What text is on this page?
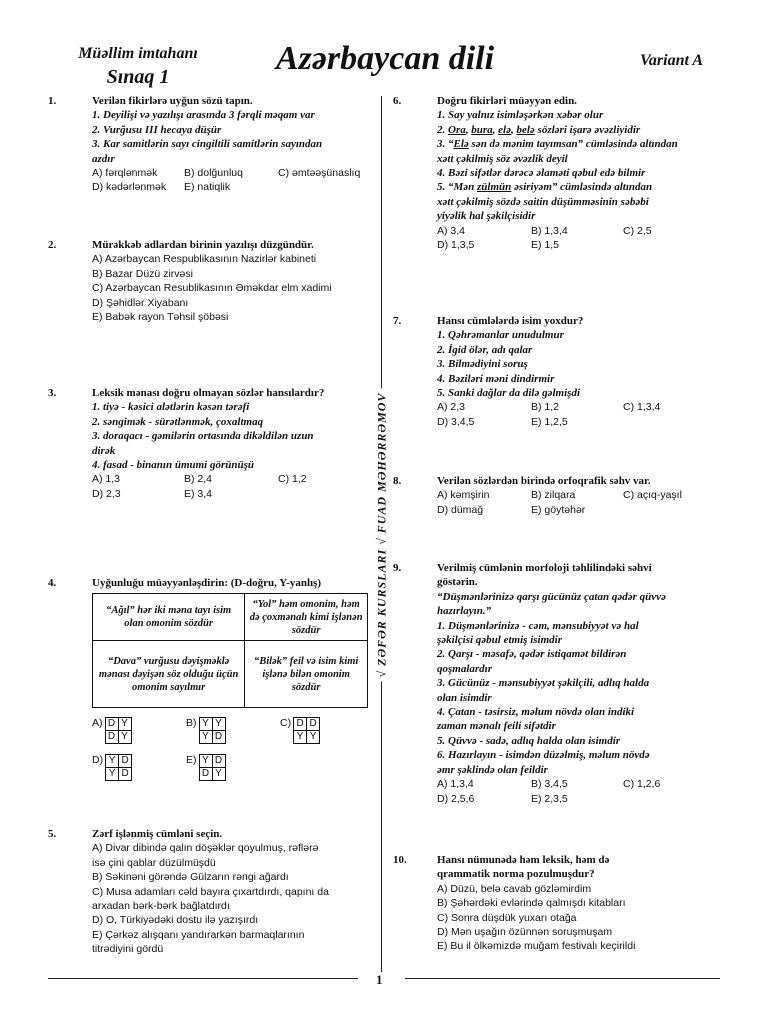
Müəllim imtahanı
Sınaq 1	Azərbaycan dili	Variant A
√ ZƏFƏR KURSLARI √ FUAD MƏHƏRRƏMOV
1.	Verilən fikirlərə uyğun sözü tapın.
1. Deyilişi və yazılışı arasında 3 fərqli məqam var
2. Vurğusu III hecaya düşür
3. Kar samitlərin sayı cingiltili samitlərin sayından
azdır
A) fərqlənmək	B) dolğunluq	C) əmtəəşünaslıq
D) kədərlənmək	E) natiqlik
2.	Mürəkkəb adlardan birinin yazılışı düzgündür.
A) Azərbaycan Respublikasının Nazirlər kabineti
B) Bazar Düzü zirvəsi
C) Azərbaycan Resublikasının Əməkdar elm xadimi
D) Şəhidlər Xiyabanı
E) Babək rayon Təhsil şöbəsi
3.	Leksik mənası doğru olmayan sözlər hansılardır?
1. tiyə - kəsici alətlərin kəsən tərəfi
2. səngimək - sürətlənmək, çoxaltmaq
3. doraqacı - gəmilərin ortasında dikəldilən uzun
dirək
4. fasad - binanın ümumi görünüşü
A) 1,3	B) 2,4	C) 1,2
D) 2,3	E) 3,4
4.	Uyğunluğu müəyyənləşdirin: (D-doğru, Y-yanlış)
“Ağıl” hər iki məna tayı isim olan omonim sözdür	“Yol” həm omonim, həm də çoxmənalı kimi işlənən sözdür
“Dava” vurğusu dəyişməklə mənası dəyişən söz olduğu üçün omonim sayılmır	“Bilək” feil və isim kimi işlənə bilən omonim sözdür
A) D	Y
D	Y
B) Y	Y
Y	D
C) D	D
Y	Y
D) Y	D
Y	D
E) Y	D
D	Y
5.	Zərf işlənmiş cümləni seçin.
A) Divar dibində qalın döşəklər qoyulmuş, rəflərə
isə çini qablar düzülmüşdü
B) Səkinəni görəndə Gülzarın rəngi ağardı
C) Musa adamları cəld bayıra çıxartdırdı, qapını da
arxadan bərk-bərk bağlatdırdı
D) O, Türkiyədəki dostu ilə yazışırdı
E) Çərkəz alışqanı yandırarkən barmaqlarının
titrədiyini gördü
6.	Doğru fikirləri müəyyən edin.
1. Say yalnız isimləşərkən xəbər olur
2. Ora, bura, elə, belə sözləri işarə əvəzliyidir
3. “Elə sən də mənim tayımsan” cümləsində altından
xətt çəkilmiş söz əvəzlik deyil
4. Bəzi sifətlər dərəcə əlaməti qəbul edə bilmir
5. “Mən zülmün əsiriyəm” cümləsində altından
xətt çəkilmiş sözdə saitin düşümməsinin səbəbi
yiyəlik hal şəkilçisidir
A) 3,4	B) 1,3,4	C) 2,5
D) 1,3,5	E) 1,5
7.	Hansı cümlələrdə isim yoxdur?
1. Qəhrəmanlar unudulmur
2. İgid ölər, adı qalar
3. Bilmədiyini soruş
4. Bəziləri məni dindirmir
5. Sanki dağlar da dilə gəlmişdi
A) 2,3	B) 1,2	C) 1,3,4
D) 3,4,5	E) 1,2,5
8.	Verilən sözlərdən birində orfoqrafik səhv var.
A) kəmşirin	B) zilqara	C) açıq-yaşıl
D) dümağ	E) göytəhər
9.	Verilmiş cümlənin morfoloji təhlilindəki səhvi
göstərin.
“Düşmənlərinizə qarşı gücünüz çatan qədər qüvvə
hazırlayın.”
1. Düşmənlərinizə - cəm, mənsubiyyət və hal
şəkilçisi qəbul etmiş isimdir
2. Qarşı - məsafə, qədər istiqamət bildirən
qoşmalardır
3. Gücünüz - mənsubiyyət şəkilçili, adlıq halda
olan isimdir
4. Çatan - təsirsiz, məlum növdə olan indiki
zaman mənalı feili sifətdir
5. Qüvvə - sadə, adlıq halda olan isimdir
6. Hazırlayın - isimdən düzəlmiş, məlum növdə
əmr şəklində olan feildir
A) 1,3,4	B) 3,4,5	C) 1,2,6
D) 2,5,6	E) 2,3,5
10.	Hansı nümunədə həm leksik, həm də
qrammatik norma pozulmuşdur?
A) Düzü, belə cavab gözləmirdim
B) Şəhərdəki evlərində qalmışdı kitabları
C) Sonra düşdük yuxarı otağa
D) Mən uşağın özünnən soruşmuşam
E) Bu il ölkəmizdə muğam festivalı keçirildi
1
